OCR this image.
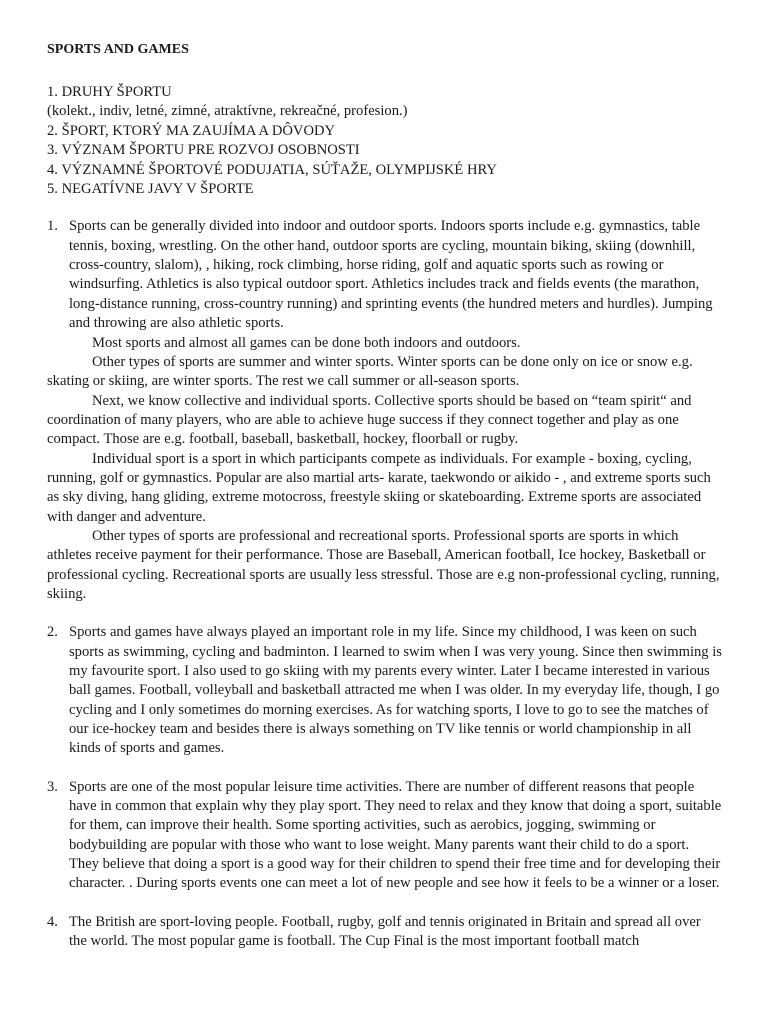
SPORTS AND GAMES
1. DRUHY ŠPORTU
(kolekt., indiv, letné, zimné, atraktívne, rekreačné, profesion.)
2. ŠPORT, KTORÝ MA ZAUJÍMA A DÔVODY
3. VÝZNAM ŠPORTU PRE ROZVOJ OSOBNOSTI
4. VÝZNAMNÉ ŠPORTOVÉ PODUJATIA, SÚŤAŽE, OLYMPIJSKÉ HRY
5. NEGATÍVNE JAVY V ŠPORTE
1. Sports can be generally divided into indoor and outdoor sports. Indoors sports include e.g. gymnastics, table tennis, boxing, wrestling. On the other hand, outdoor sports are cycling, mountain biking, skiing (downhill, cross-country, slalom), , hiking, rock climbing, horse riding, golf and aquatic sports such as rowing or windsurfing. Athletics is also typical outdoor sport. Athletics includes track and fields events (the marathon, long-distance running, cross-country running) and sprinting events (the hundred meters and hurdles). Jumping and throwing are also athletic sports.

Most sports and almost all games can be done both indoors and outdoors.

Other types of sports are summer and winter sports. Winter sports can be done only on ice or snow e.g. skating or skiing, are winter sports. The rest we call summer or all-season sports.

Next, we know collective and individual sports. Collective sports should be based on “team spirit“ and coordination of many players, who are able to achieve huge success if they connect together and play as one compact. Those are e.g. football, baseball, basketball, hockey, floorball or rugby.

Individual sport is a sport in which participants compete as individuals. For example - boxing, cycling, running, golf or gymnastics. Popular are also martial arts- karate, taekwondo or aikido - , and extreme sports such as sky diving, hang gliding, extreme motocross, freestyle skiing or skateboarding. Extreme sports are associated with danger and adventure.

Other types of sports are professional and recreational sports. Professional sports are sports in which athletes receive payment for their performance. Those are Baseball, American football, Ice hockey, Basketball or professional cycling. Recreational sports are usually less stressful. Those are e.g non-professional cycling, running, skiing.

2. Sports and games have always played an important role in my life. Since my childhood, I was keen on such sports as swimming, cycling and badminton. I learned to swim when I was very young. Since then swimming is my favourite sport. I also used to go skiing with my parents every winter. Later I became interested in various ball games. Football, volleyball and basketball attracted me when I was older. In my everyday life, though, I go cycling and I only sometimes do morning exercises. As for watching sports, I love to go to see the matches of our ice-hockey team and besides there is always something on TV like tennis or world championship in all kinds of sports and games.

3. Sports are one of the most popular leisure time activities. There are number of different reasons that people have in common that explain why they play sport. They need to relax and they know that doing a sport, suitable for them, can improve their health. Some sporting activities, such as aerobics, jogging, swimming or bodybuilding are popular with those who want to lose weight. Many parents want their child to do a sport. They believe that doing a sport is a good way for their children to spend their free time and for developing their character. . During sports events one can meet a lot of new people and see how it feels to be a winner or a loser.

4. The British are sport-loving people. Football, rugby, golf and tennis originated in Britain and spread all over the world. The most popular game is football. The Cup Final is the most important football match
